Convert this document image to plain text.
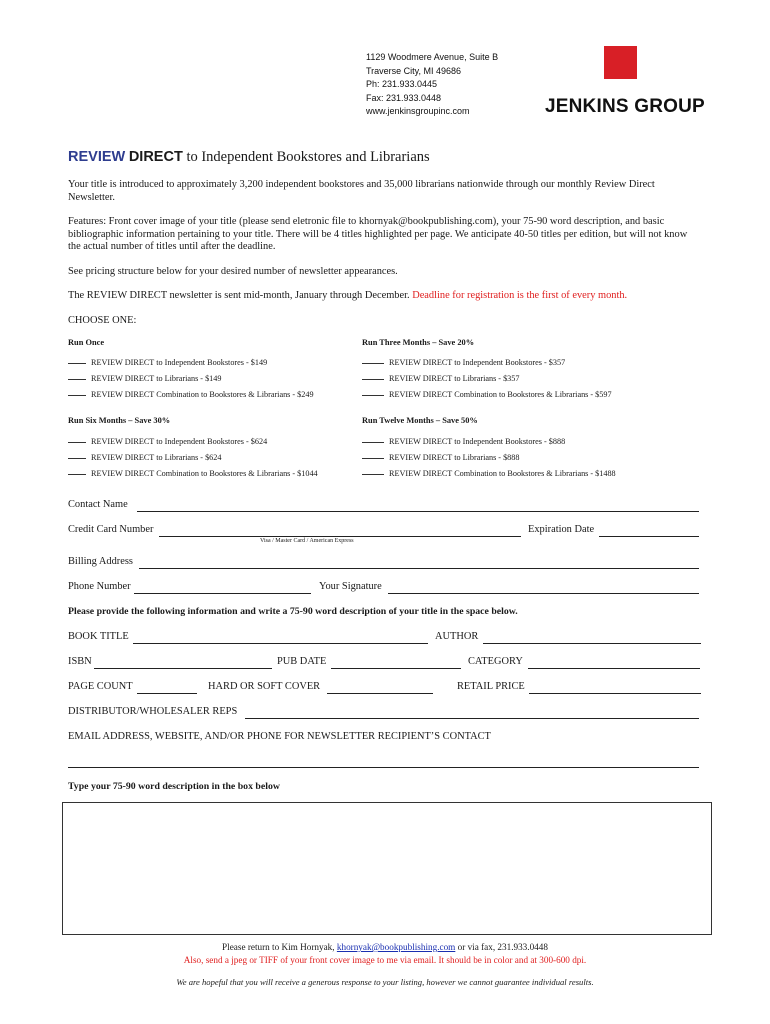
1129 Woodmere Avenue, Suite B
Traverse City, MI 49686
Ph: 231.933.0445
Fax: 231.933.0448
www.jenkinsgroupinc.com	JENKINS GROUP
REVIEW DIRECT to Independent Bookstores and Librarians
Your title is introduced to approximately 3,200 independent bookstores and 35,000 librarians nationwide through our monthly Review Direct Newsletter.
Features: Front cover image of your title (please send eletronic file to khornyak@bookpublishing.com), your 75-90 word description, and basic bibliographic information pertaining to your title. There will be 4 titles highlighted per page. We anticipate 40-50 titles per edition, but will not know the actual number of titles until after the deadline.
See pricing structure below for your desired number of newsletter appearances.
The REVIEW DIRECT newsletter is sent mid-month, January through December. Deadline for registration is the first of every month.
CHOOSE ONE:
Run Once
REVIEW DIRECT to Independent Bookstores - $149
REVIEW DIRECT to Librarians - $149
REVIEW DIRECT Combination to Bookstores & Librarians - $249
Run Three Months – Save 20%
REVIEW DIRECT to Independent Bookstores - $357
REVIEW DIRECT to Librarians - $357
REVIEW DIRECT Combination to Bookstores & Librarians - $597
Run Six Months – Save 30%
REVIEW DIRECT to Independent Bookstores - $624
REVIEW DIRECT to Librarians - $624
REVIEW DIRECT Combination to Bookstores & Librarians - $1044
Run Twelve Months – Save 50%
REVIEW DIRECT to Independent Bookstores - $888
REVIEW DIRECT to Librarians - $888
REVIEW DIRECT Combination to Bookstores & Librarians - $1488
Contact Name
Credit Card Number	Expiration Date
Visa / Master Card / American Express
Billing Address
Phone Number	Your Signature
Please provide the following information and write a 75-90 word description of your title in the space below.
BOOK TITLE	AUTHOR
ISBN	PUB DATE	CATEGORY
PAGE COUNT	HARD OR SOFT COVER	RETAIL PRICE
DISTRIBUTOR/WHOLESALER REPS
EMAIL ADDRESS, WEBSITE, AND/OR PHONE FOR NEWSLETTER RECIPIENT’S CONTACT
Type your 75-90 word description in the box below
Please return to Kim Hornyak, khornyak@bookpublishing.com or via fax, 231.933.0448
Also, send a jpeg or TIFF of your front cover image to me via email. It should be in color and at 300-600 dpi.
We are hopeful that you will receive a generous response to your listing, however we cannot guarantee individual results.
